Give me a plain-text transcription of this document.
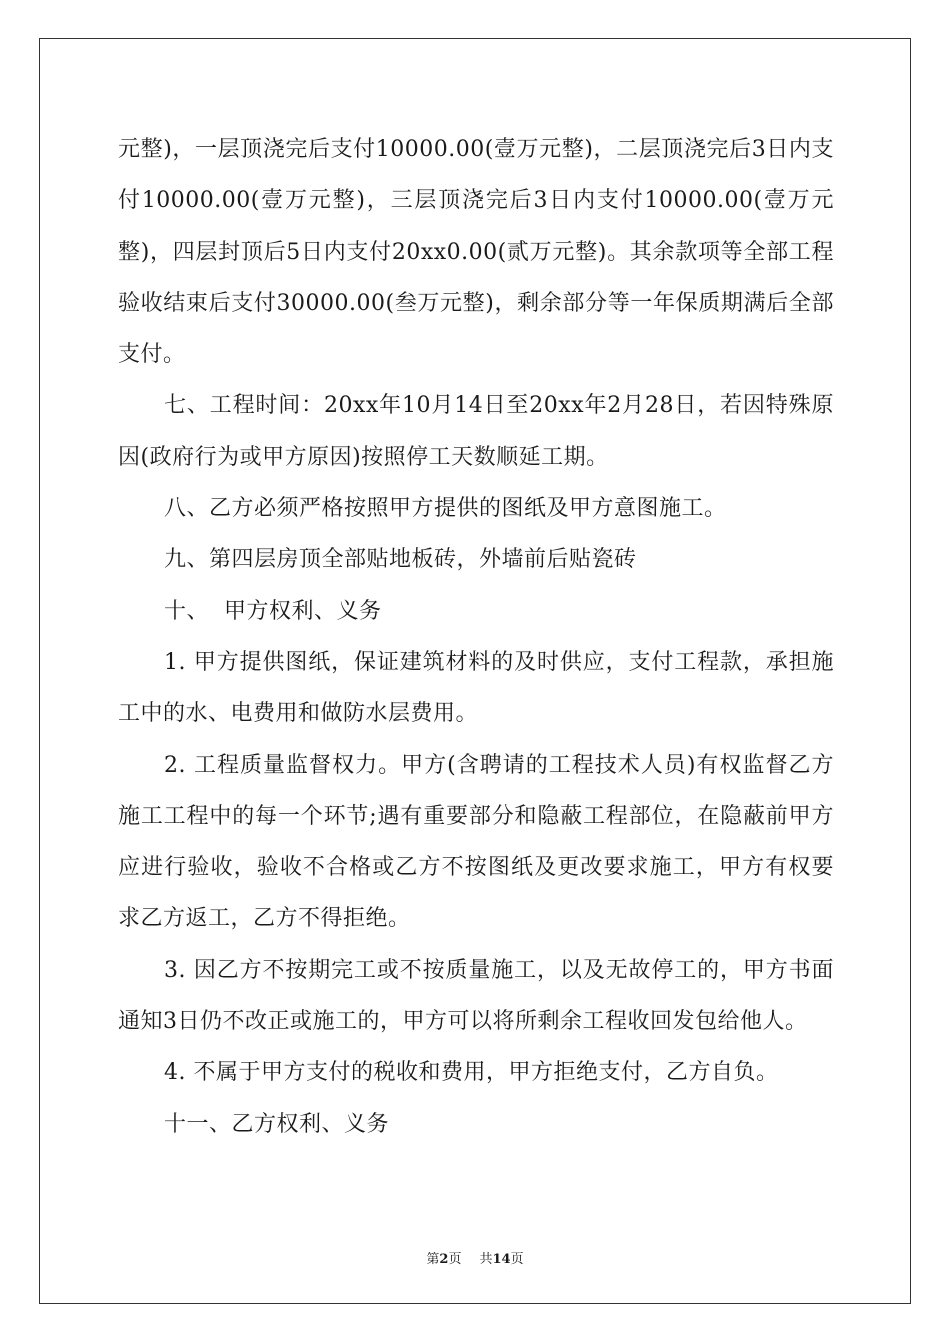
元整)，一层顶浇完后支付10000.00(壹万元整)，二层顶浇完后3日内支付10000.00(壹万元整)，三层顶浇完后3日内支付10000.00(壹万元整)，四层封顶后5日内支付20xx0.00(贰万元整)。其余款项等全部工程验收结束后支付30000.00(叁万元整)，剩余部分等一年保质期满后全部支付。

七、工程时间：20xx年10月14日至20xx年2月28日，若因特殊原因(政府行为或甲方原因)按照停工天数顺延工期。

八、乙方必须严格按照甲方提供的图纸及甲方意图施工。

九、第四层房顶全部贴地板砖，外墙前后贴瓷砖

十、  甲方权利、义务

1. 甲方提供图纸，保证建筑材料的及时供应，支付工程款，承担施工中的水、电费用和做防水层费用。

2. 工程质量监督权力。甲方(含聘请的工程技术人员)有权监督乙方施工工程中的每一个环节;遇有重要部分和隐蔽工程部位，在隐蔽前甲方应进行验收，验收不合格或乙方不按图纸及更改要求施工，甲方有权要求乙方返工，乙方不得拒绝。

3. 因乙方不按期完工或不按质量施工，以及无故停工的，甲方书面通知3日仍不改正或施工的，甲方可以将所剩余工程收回发包给他人。

4. 不属于甲方支付的税收和费用，甲方拒绝支付，乙方自负。

十一、乙方权利、义务

第2页 共14页
